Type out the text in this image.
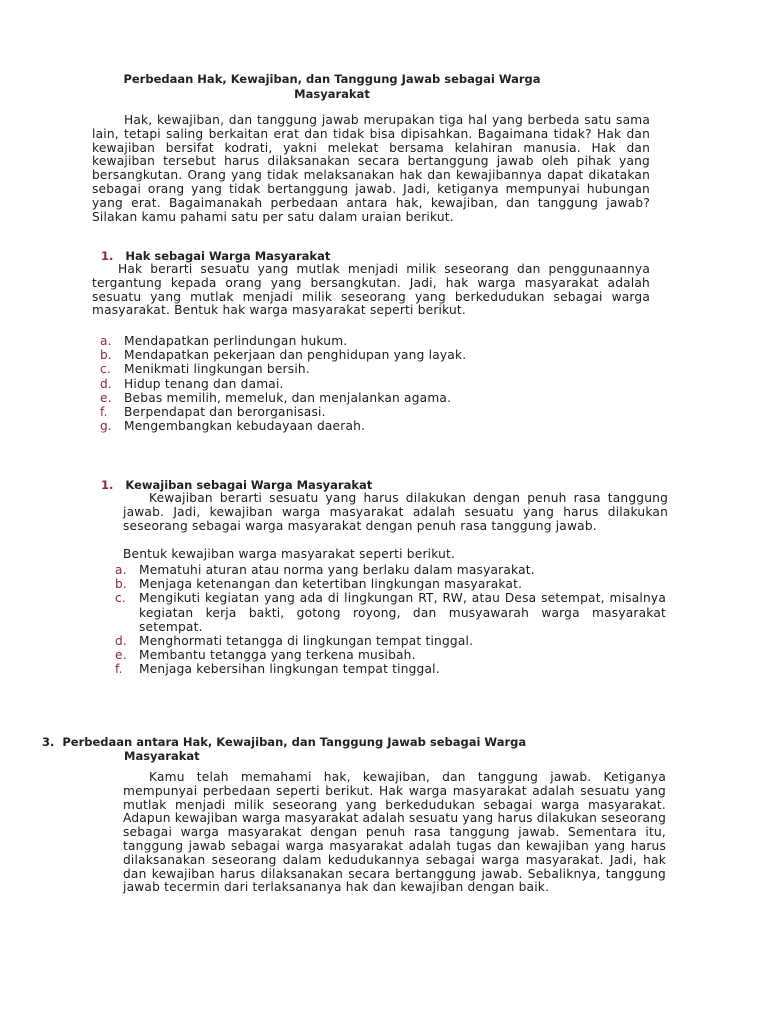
Perbedaan Hak, Kewajiban, dan Tanggung Jawab sebagai Warga
Masyarakat

Hak, kewajiban, dan tanggung jawab merupakan tiga hal yang berbeda satu sama lain, tetapi saling berkaitan erat dan tidak bisa dipisahkan. Bagaimana tidak? Hak dan kewajiban bersifat kodrati, yakni melekat bersama kelahiran manusia. Hak dan kewajiban tersebut harus dilaksanakan secara bertanggung jawab oleh pihak yang bersangkutan. Orang yang tidak melaksanakan hak dan kewajibannya dapat dikatakan sebagai orang yang tidak bertanggung jawab. Jadi, ketiganya mempunyai hubungan yang erat. Bagaimanakah perbedaan antara hak, kewajiban, dan tanggung jawab? Silakan kamu pahami satu per satu dalam uraian berikut.

1. Hak sebagai Warga Masyarakat

Hak berarti sesuatu yang mutlak menjadi milik seseorang dan penggunaannya tergantung kepada orang yang bersangkutan. Jadi, hak warga masyarakat adalah sesuatu yang mutlak menjadi milik seseorang yang berkedudukan sebagai warga masyarakat. Bentuk hak warga masyarakat seperti berikut.

a. Mendapatkan perlindungan hukum.
b. Mendapatkan pekerjaan dan penghidupan yang layak.
c. Menikmati lingkungan bersih.
d. Hidup tenang dan damai.
e. Bebas memilih, memeluk, dan menjalankan agama.
f. Berpendapat dan berorganisasi.
g. Mengembangkan kebudayaan daerah.
1. Kewajiban sebagai Warga Masyarakat

Kewajiban berarti sesuatu yang harus dilakukan dengan penuh rasa tanggung jawab. Jadi, kewajiban warga masyarakat adalah sesuatu yang harus dilakukan seseorang sebagai warga masyarakat dengan penuh rasa tanggung jawab.

Bentuk kewajiban warga masyarakat seperti berikut.

a. Mematuhi aturan atau norma yang berlaku dalam masyarakat.
b. Menjaga ketenangan dan ketertiban lingkungan masyarakat.
c. Mengikuti kegiatan yang ada di lingkungan RT, RW, atau Desa setempat, misalnya kegiatan kerja bakti, gotong royong, dan musyawarah warga masyarakat setempat.
d. Menghormati tetangga di lingkungan tempat tinggal.
e. Membantu tetangga yang terkena musibah.
f. Menjaga kebersihan lingkungan tempat tinggal.
3. Perbedaan antara Hak, Kewajiban, dan Tanggung Jawab sebagai Warga
Masyarakat

Kamu telah memahami hak, kewajiban, dan tanggung jawab. Ketiganya mempunyai perbedaan seperti berikut. Hak warga masyarakat adalah sesuatu yang mutlak menjadi milik seseorang yang berkedudukan sebagai warga masyarakat. Adapun kewajiban warga masyarakat adalah sesuatu yang harus dilakukan seseorang sebagai warga masyarakat dengan penuh rasa tanggung jawab. Sementara itu, tanggung jawab sebagai warga masyarakat adalah tugas dan kewajiban yang harus dilaksanakan seseorang dalam kedudukannya sebagai warga masyarakat. Jadi, hak dan kewajiban harus dilaksanakan secara bertanggung jawab. Sebaliknya, tanggung jawab tecermin dari terlaksananya hak dan kewajiban dengan baik.
